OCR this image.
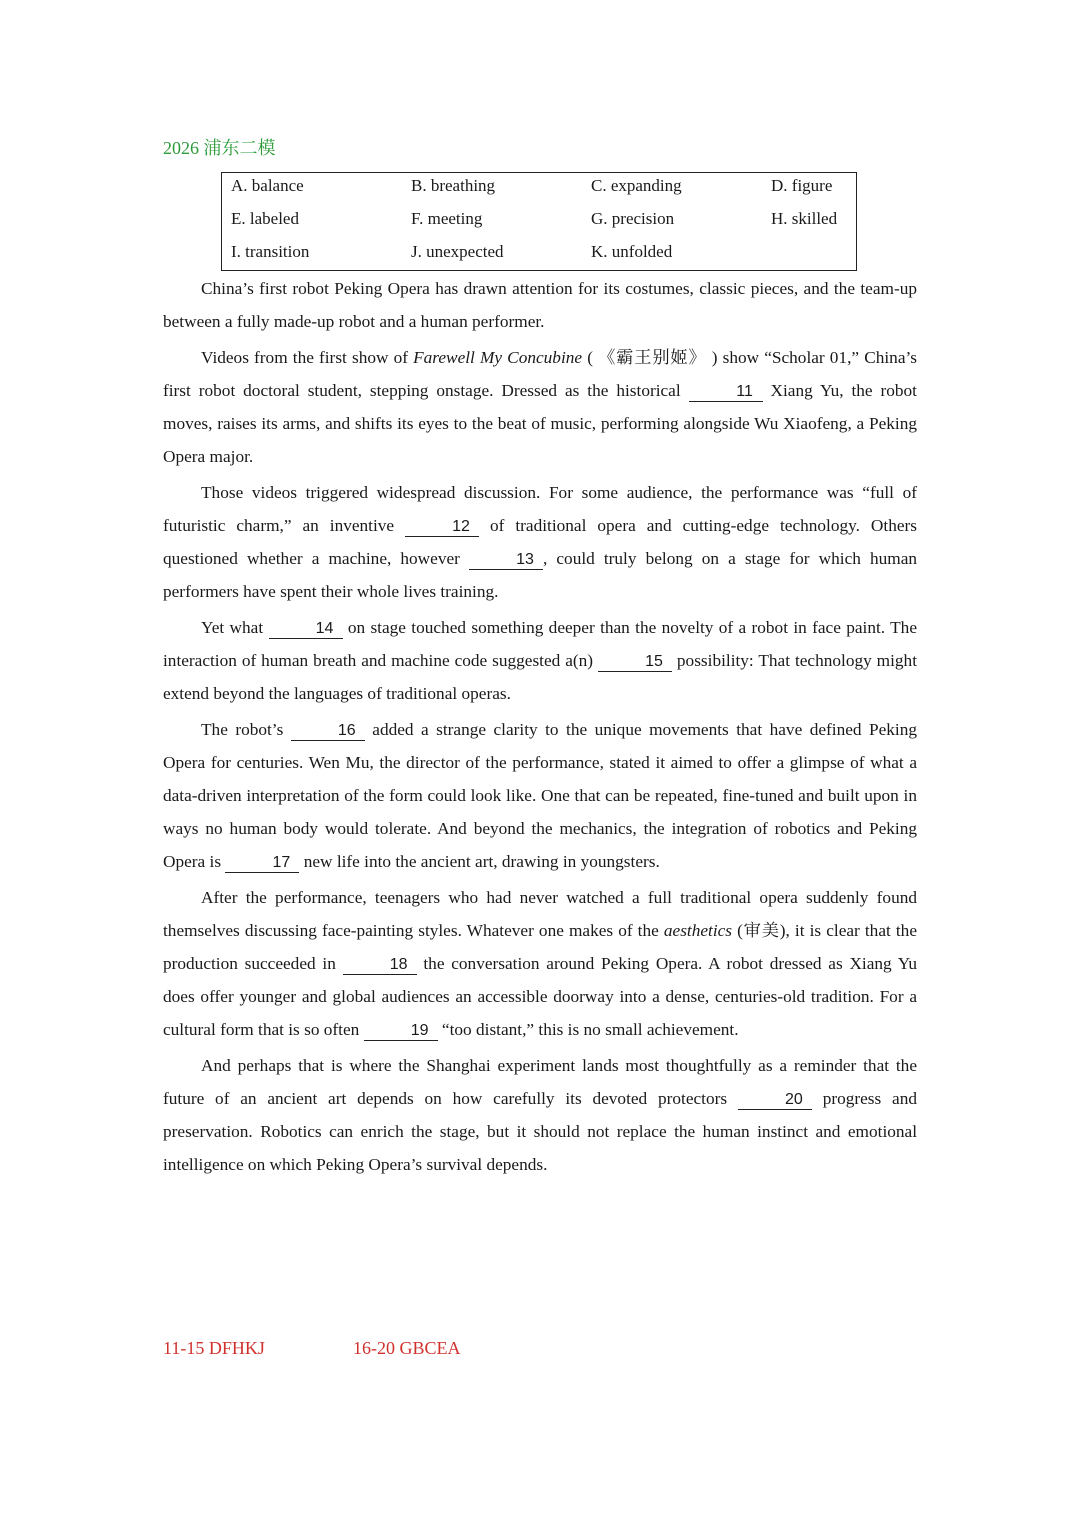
2026 浦东二模
A. balance	B. breathing	C. expanding	D. figure
E. labeled	F. meeting	G. precision	H. skilled
I. transition	J. unexpected	K. unfolded

China’s first robot Peking Opera has drawn attention for its costumes, classic pieces, and the team-up between a fully made-up robot and a human performer.

Videos from the first show of Farewell My Concubine ( 《霸王别姬》 ) show “Scholar 01,” China’s first robot doctoral student, stepping onstage. Dressed as the historical	11 Xiang Yu, the robot moves, raises its arms, and shifts its eyes to the beat of music, performing alongside Wu Xiaofeng, a Peking Opera major.

Those videos triggered widespread discussion. For some audience, the performance was “full of futuristic charm,” an inventive	12 of traditional opera and cutting-edge technology. Others questioned whether a machine, however	13 , could truly belong on a stage for which human performers have spent their whole lives training.

Yet what	14 on stage touched something deeper than the novelty of a robot in face paint. The interaction of human breath and machine code suggested a(n)	15 possibility: That technology might extend beyond the languages of traditional operas.

The robot’s	16 added a strange clarity to the unique movements that have defined Peking Opera for centuries. Wen Mu, the director of the performance, stated it aimed to offer a glimpse of what a data-driven interpretation of the form could look like. One that can be repeated, fine-tuned and built upon in ways no human body would tolerate. And beyond the mechanics, the integration of robotics and Peking Opera is	17 new life into the ancient art, drawing in youngsters.

After the performance, teenagers who had never watched a full traditional opera suddenly found themselves discussing face-painting styles. Whatever one makes of the aesthetics (审美), it is clear that the production succeeded in	18 the conversation around Peking Opera. A robot dressed as Xiang Yu does offer younger and global audiences an accessible doorway into a dense, centuries-old tradition. For a cultural form that is so often	19 “too distant,” this is no small achievement.

And perhaps that is where the Shanghai experiment lands most thoughtfully as a reminder that the future of an ancient art depends on how carefully its devoted protectors	20 progress and preservation. Robotics can enrich the stage, but it should not replace the human instinct and emotional intelligence on which Peking Opera’s survival depends.

11-15 DFHKJ	16-20 GBCEA
